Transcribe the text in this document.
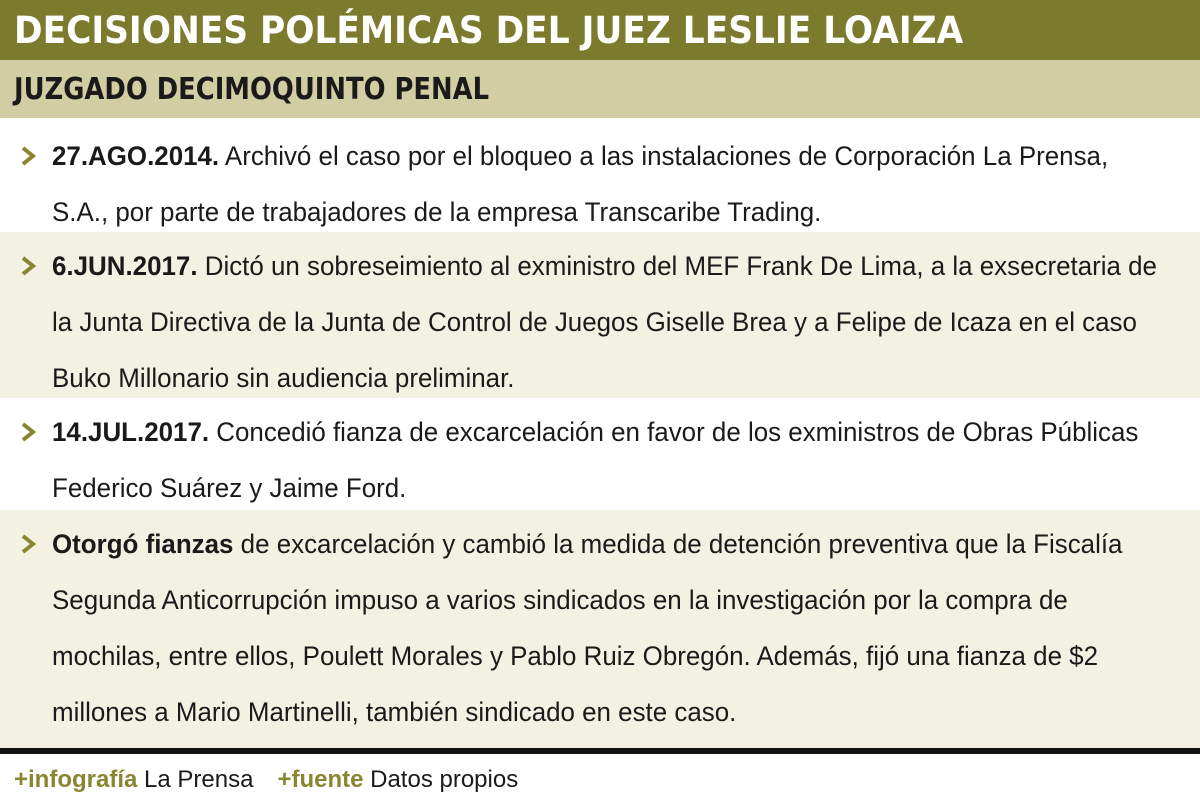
DECISIONES POLÉMICAS DEL JUEZ LESLIE LOAIZA
JUZGADO DECIMOQUINTO PENAL
27.AGO.2014. Archivó el caso por el bloqueo a las instalaciones de Corporación La Prensa, S.A., por parte de trabajadores de la empresa Transcaribe Trading.
6.JUN.2017. Dictó un sobreseimiento al exministro del MEF Frank De Lima, a la exsecretaria de la Junta Directiva de la Junta de Control de Juegos Giselle Brea y a Felipe de Icaza en el caso Buko Millonario sin audiencia preliminar.
14.JUL.2017. Concedió fianza de excarcelación en favor de los exministros de Obras Públicas Federico Suárez y Jaime Ford.
Otorgó fianzas de excarcelación y cambió la medida de detención preventiva que la Fiscalía Segunda Anticorrupción impuso a varios sindicados en la investigación por la compra de mochilas, entre ellos, Poulett Morales y Pablo Ruiz Obregón. Además, fijó una fianza de $2 millones a Mario Martinelli, también sindicado en este caso.
+infografía
La Prensa +fuente
Datos propios
